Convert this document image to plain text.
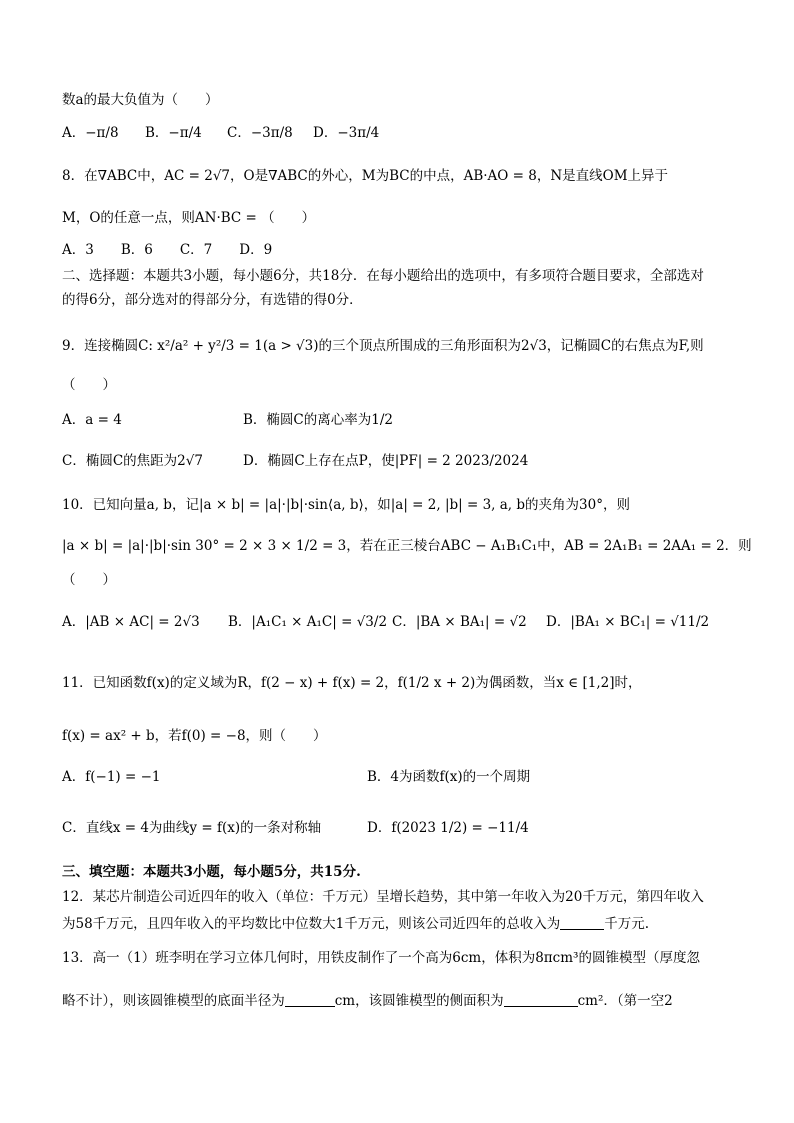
数a的最大负值为（　　）
A．−π/8 B．−π/4 C．−3π/8 D．−3π/4
8．在∇ABC中，AC = 2√7，O是∇ABC的外心，M为BC的中点，AB·AO = 8，N是直线OM上异于
M，O的任意一点，则AN·BC = （　　）
A．3　　B．6　　C．7　　D．9
二、选择题：本题共3小题，每小题6分，共18分．在每小题给出的选项中，有多项符合题目要求，全部选对
的得6分，部分选对的得部分分，有选错的得0分．
9．连接椭圆C: x²/a² + y²/3 = 1(a > √3)的三个顶点所围成的三角形面积为2√3，记椭圆C的右焦点为F,则
（　　）
A．a = 4	B．椭圆C的离心率为1/2
C．椭圆C的焦距为2√7	D．椭圆C上存在点P，使|PF| = 2 2023/2024
10．已知向量a, b，记|a × b| = |a|·|b|·sin⟨a, b⟩，如|a| = 2, |b| = 3, a, b的夹角为30°，则
|a × b| = |a|·|b|·sin 30° = 2 × 3 × 1/2 = 3，若在正三棱台ABC − A₁B₁C₁中，AB = 2A₁B₁ = 2AA₁ = 2．则
（　　）
A．|AB × AC| = 2√3 B．|A₁C₁ × A₁C| = √3/2 C．|BA × BA₁| = √2 D．|BA₁ × BC₁| = √11/2
11．已知函数f(x)的定义域为R，f(2 − x) + f(x) = 2，f(1/2 x + 2)为偶函数，当x ∈ [1,2]时，
f(x) = ax² + b，若f(0) = −8，则（　　）
A．f(−1) = −1	B．4为函数f(x)的一个周期
C．直线x = 4为曲线y = f(x)的一条对称轴	D．f(2023 1/2) = −11/4
三、填空题：本题共3小题，每小题5分，共15分.
12．某芯片制造公司近四年的收入（单位：千万元）呈增长趋势，其中第一年收入为20千万元，第四年收入
为58千万元，且四年收入的平均数比中位数大1千万元，则该公司近四年的总收入为	千万元.
13．高一（1）班李明在学习立体几何时，用铁皮制作了一个高为6cm，体积为8πcm³的圆锥模型（厚度忽
略不计），则该圆锥模型的底面半径为	cm，该圆锥模型的侧面积为	cm²．（第一空2
